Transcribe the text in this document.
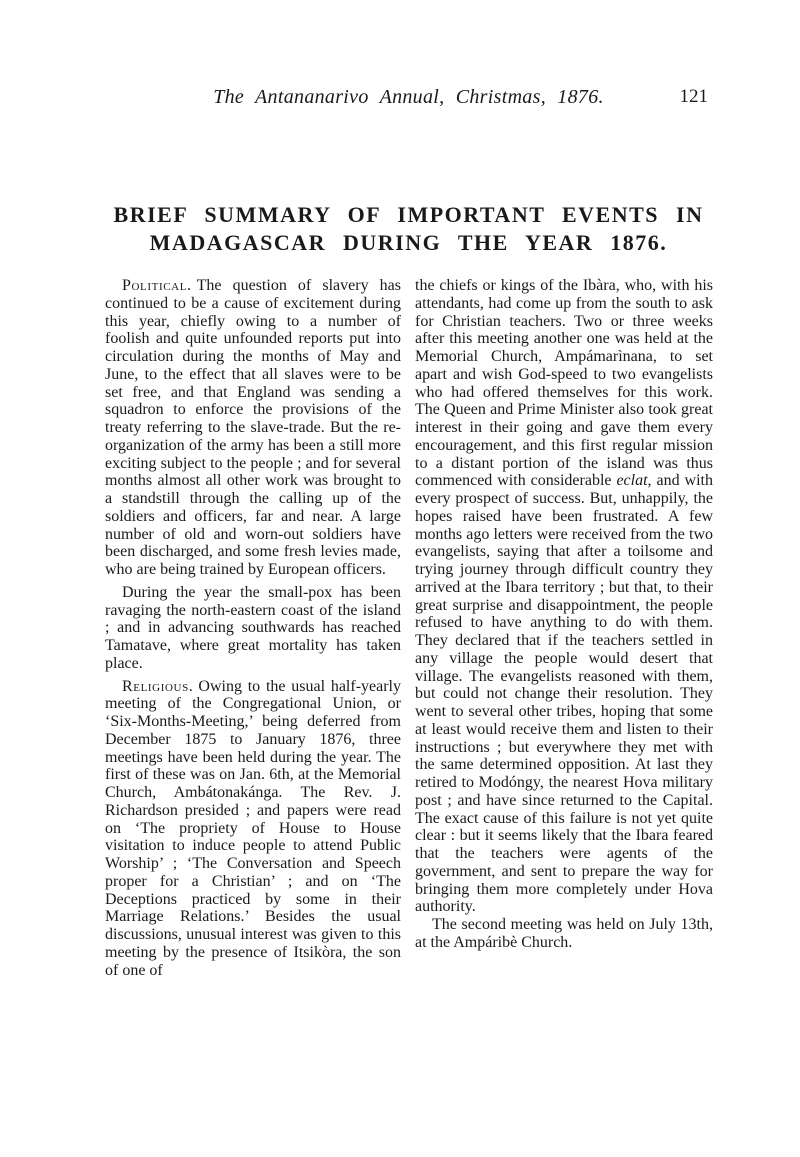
The Antananarivo Annual, Christmas, 1876.	121
BRIEF SUMMARY OF IMPORTANT EVENTS IN
MADAGASCAR DURING THE YEAR 1876.

Political. The question of slavery has continued to be a cause of excitement during this year, chiefly owing to a number of foolish and quite unfounded reports put into circulation during the months of May and June, to the effect that all slaves were to be set free, and that England was sending a squadron to enforce the provisions of the treaty referring to the slave-trade. But the re-organization of the army has been a still more exciting subject to the people ; and for several months almost all other work was brought to a standstill through the calling up of the soldiers and officers, far and near. A large number of old and worn-out soldiers have been discharged, and some fresh levies made, who are being trained by European officers.

During the year the small-pox has been ravaging the north-eastern coast of the island ; and in advancing southwards has reached Tamatave, where great mortality has taken place.

Religious. Owing to the usual half-yearly meeting of the Congregational Union, or ‘Six-Months-Meeting,’ being deferred from December 1875 to January 1876, three meetings have been held during the year. The first of these was on Jan. 6th, at the Memorial Church, Ambátonakánga. The Rev. J. Richardson presided ; and papers were read on ‘The propriety of House to House visitation to induce people to attend Public Worship’ ; ‘The Conversation and Speech proper for a Christian’ ; and on ‘The Deceptions practiced by some in their Marriage Relations.’ Besides the usual discussions, unusual interest was given to this meeting by the presence of Itsikòra, the son of one of

the chiefs or kings of the Ibàra, who, with his attendants, had come up from the south to ask for Christian teachers. Two or three weeks after this meeting another one was held at the Memorial Church, Ampámarìnana, to set apart and wish God-speed to two evangelists who had offered themselves for this work. The Queen and Prime Minister also took great interest in their going and gave them every encouragement, and this first regular mission to a distant portion of the island was thus commenced with considerable eclat, and with every prospect of success. But, unhappily, the hopes raised have been frustrated. A few months ago letters were received from the two evangelists, saying that after a toilsome and trying journey through difficult country they arrived at the Ibara territory ; but that, to their great surprise and disappointment, the people refused to have anything to do with them. They declared that if the teachers settled in any village the people would desert that village. The evangelists reasoned with them, but could not change their resolution. They went to several other tribes, hoping that some at least would receive them and listen to their instructions ; but everywhere they met with the same determined opposition. At last they retired to Modóngy, the nearest Hova military post ; and have since returned to the Capital. The exact cause of this failure is not yet quite clear : but it seems likely that the Ibara feared that the teachers were agents of the government, and sent to prepare the way for bringing them more completely under Hova authority.

The second meeting was held on July 13th, at the Ampáribè Church.
